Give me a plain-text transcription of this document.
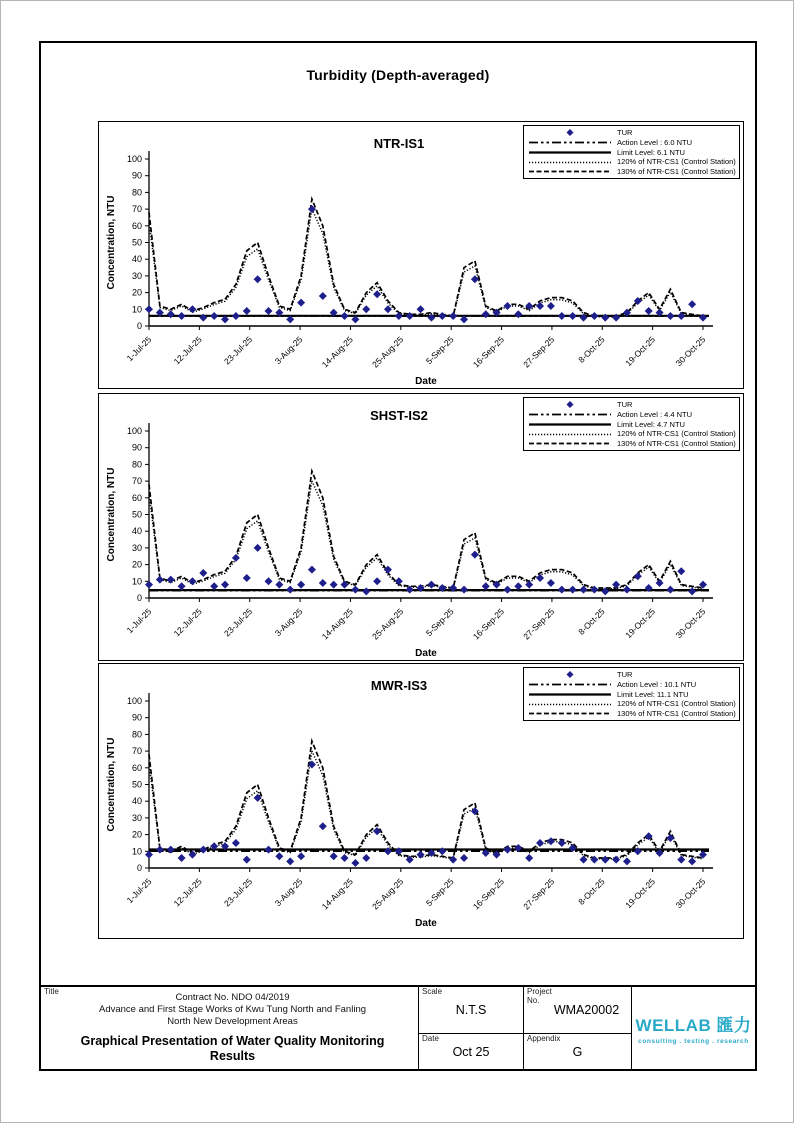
Turbidity (Depth-averaged)
NTR-IS1
0
10
20
30
40
50
60
70
80
90
100
1-Jul-25 12-Jul-25 23-Jul-25 3-Aug-25 14-Aug-25 25-Aug-25 5-Sep-25 16-Sep-25 27-Sep-25 8-Oct-25 19-Oct-25 30-Oct-25
Concentration, NTU
Date
TUR
Action Level : 6.0 NTU
Limit Level: 6.1 NTU
120% of NTR-CS1 (Control Station)
130% of NTR-CS1 (Control Station)
SHST-IS2
0
10
20
30
40
50
60
70
80
90
100
1-Jul-25 12-Jul-25 23-Jul-25 3-Aug-25 14-Aug-25 25-Aug-25 5-Sep-25 16-Sep-25 27-Sep-25 8-Oct-25 19-Oct-25 30-Oct-25
Concentration, NTU
Date
TUR
Action Level : 4.4 NTU
Limit Level: 4.7 NTU
120% of NTR-CS1 (Control Station)
130% of NTR-CS1 (Control Station)
MWR-IS3
0
10
20
30
40
50
60
70
80
90
100
1-Jul-25 12-Jul-25 23-Jul-25 3-Aug-25 14-Aug-25 25-Aug-25 5-Sep-25 16-Sep-25 27-Sep-25 8-Oct-25 19-Oct-25 30-Oct-25
Concentration, NTU
Date
TUR
Action Level : 10.1 NTU
Limit Level: 11.1 NTU
120% of NTR-CS1 (Control Station)
130% of NTR-CS1 (Control Station)
Title
Contract No. NDO 04/2019
Advance and First Stage Works of Kwu Tung North and Fanling
North New Development Areas
Graphical Presentation of Water Quality Monitoring
Results
Scale
N.T.S
Project
No.
WMA20002
Date
Oct 25
Appendix
G
WELLAB 匯力
consulting . testing . research
